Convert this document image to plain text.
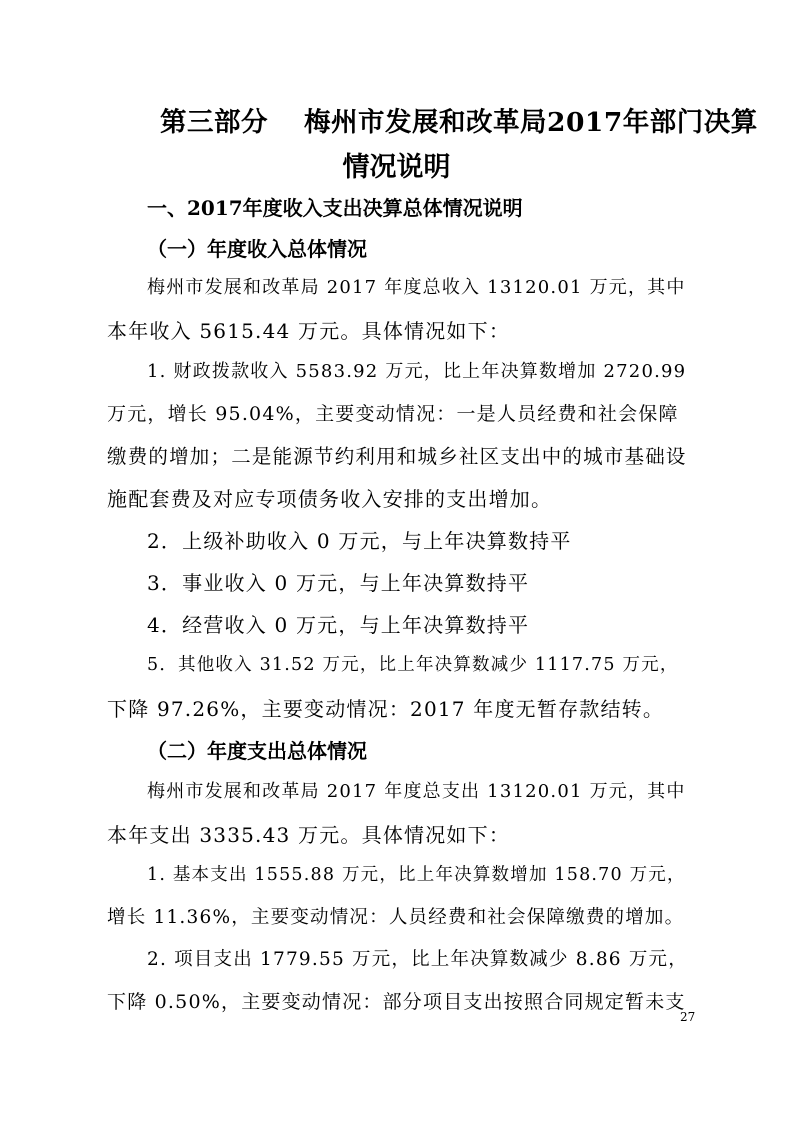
第三部分 梅州市发展和改革局2017年部门决算
情况说明
一、2017年度收入支出决算总体情况说明
（一）年度收入总体情况
梅州市发展和改革局 2017 年度总收入 13120.01 万元，其中
本年收入 5615.44 万元。具体情况如下：
1. 财政拨款收入 5583.92 万元，比上年决算数增加 2720.99
万元，增长 95.04%，主要变动情况：一是人员经费和社会保障
缴费的增加；二是能源节约利用和城乡社区支出中的城市基础设
施配套费及对应专项债务收入安排的支出增加。
2．上级补助收入 0 万元，与上年决算数持平
3．事业收入 0 万元，与上年决算数持平
4．经营收入 0 万元，与上年决算数持平
5．其他收入 31.52 万元，比上年决算数减少 1117.75 万元，
下降 97.26%，主要变动情况：2017 年度无暂存款结转。
（二）年度支出总体情况
梅州市发展和改革局 2017 年度总支出 13120.01 万元，其中
本年支出 3335.43 万元。具体情况如下：
1. 基本支出 1555.88 万元，比上年决算数增加 158.70 万元，
增长 11.36%，主要变动情况：人员经费和社会保障缴费的增加。
2. 项目支出 1779.55 万元，比上年决算数减少 8.86 万元，
下降 0.50%，主要变动情况：部分项目支出按照合同规定暂未支
27
